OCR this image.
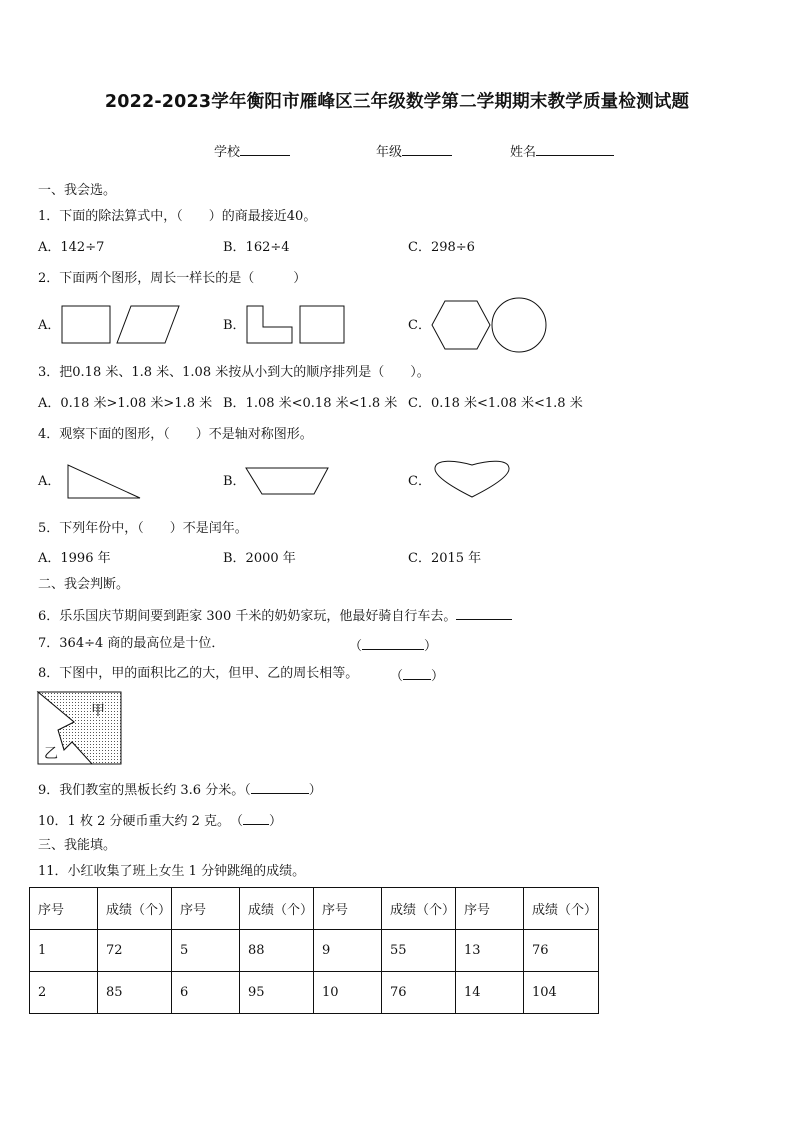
2022-2023学年衡阳市雁峰区三年级数学第二学期期末教学质量检测试题
学校	年级	姓名
一、我会选。
1．下面的除法算式中，（　　）的商最接近40。
A．142÷7	B．162÷4	C．298÷6
2．下面两个图形，周长一样长的是（　　　）
A．	B．	C．
3．把0.18 米、1.8 米、1.08 米按从小到大的顺序排列是（　　）。
A．0.18 米>1.08 米>1.8 米 B．1.08 米<0.18 米<1.8 米 C．0.18 米<1.08 米<1.8 米
4．观察下面的图形，（　　）不是轴对称图形。
A．	B．	C．
5．下列年份中，（　　）不是闰年。
A．1996 年	B．2000 年	C．2015 年
二、我会判断。
6．乐乐国庆节期间要到距家 300 千米的奶奶家玩，他最好骑自行车去。
7．364÷4 商的最高位是十位．	（	）
8．下图中，甲的面积比乙的大，但甲、乙的周长相等。 （ ）
甲
乙
9．我们教室的黑板长约 3.6 分米。（	）
10．1 枚 2 分硬币重大约 2 克。　（ ）
三、我能填。
11．小红收集了班上女生 1 分钟跳绳的成绩。
序号	成绩（个）	序号	成绩（个）	序号	成绩（个）	序号	成绩（个）
1	72	5	88	9	55	13	76
2	85	6	95	10	76	14	104
